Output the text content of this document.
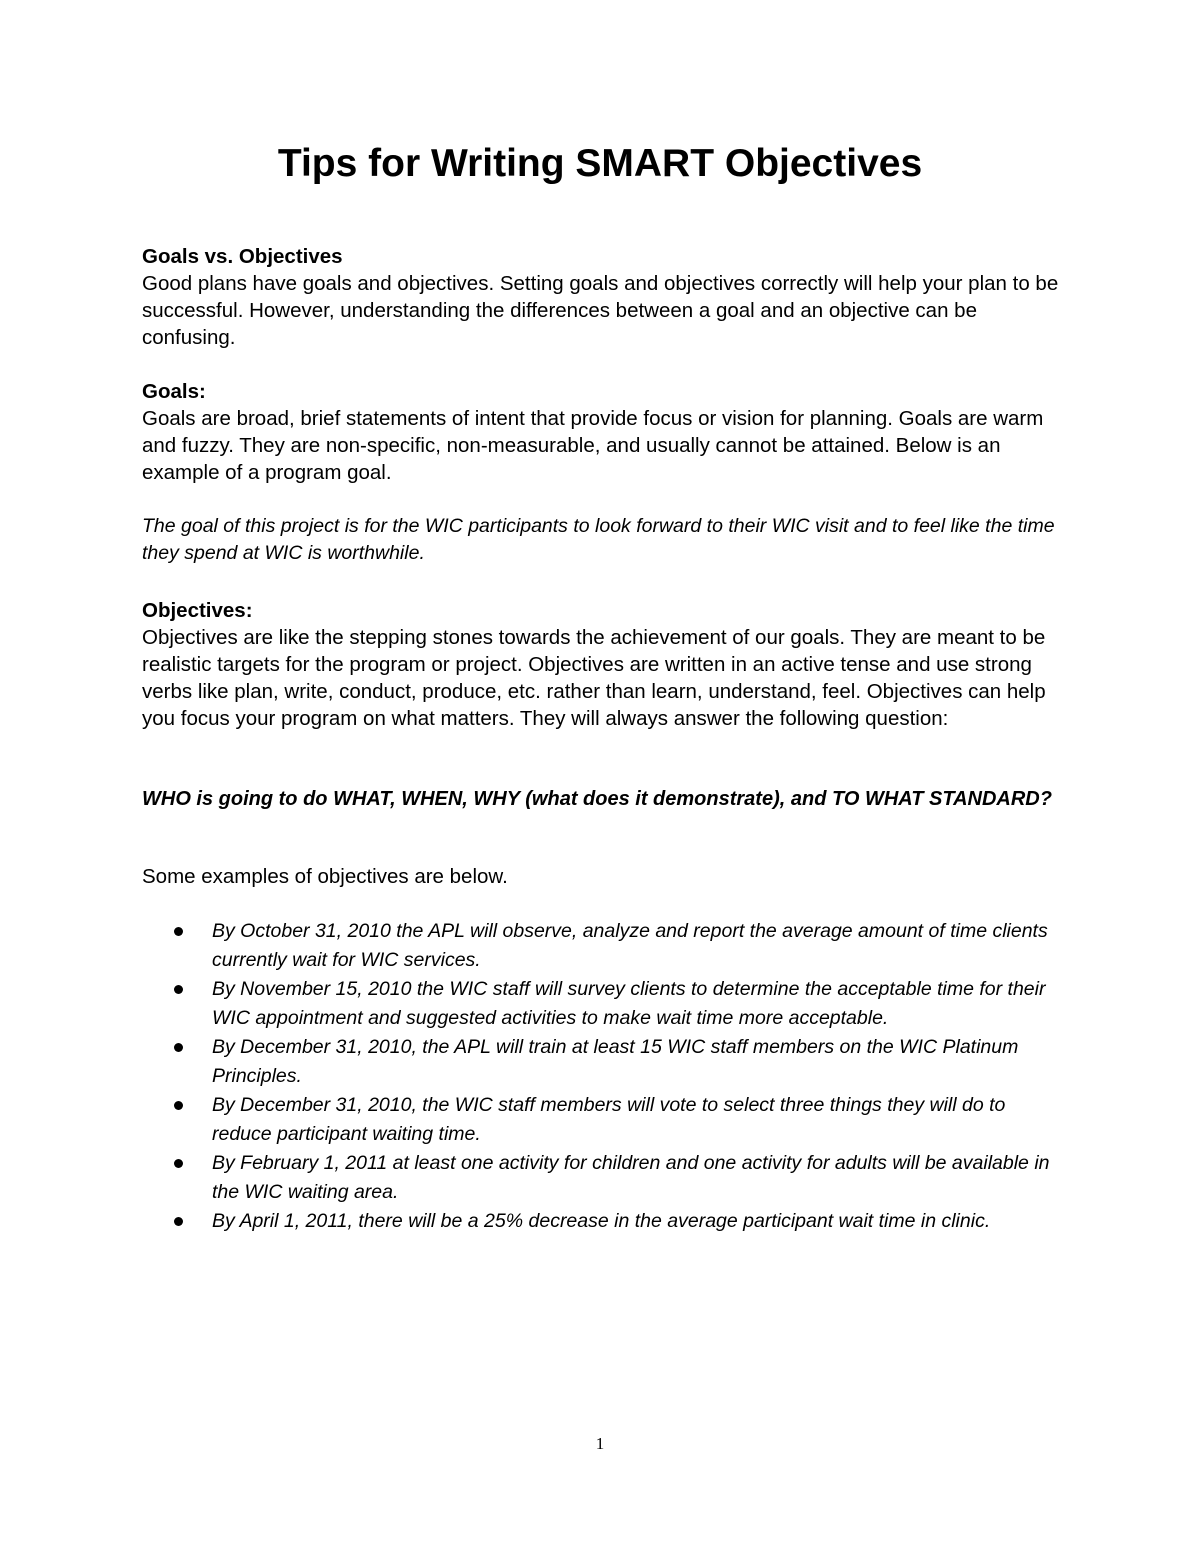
Tips for Writing SMART Objectives
Goals vs. Objectives
Good plans have goals and objectives. Setting goals and objectives correctly will help your plan to be successful. However, understanding the differences between a goal and an objective can be confusing.
Goals:
Goals are broad, brief statements of intent that provide focus or vision for planning. Goals are warm and fuzzy. They are non-specific, non-measurable, and usually cannot be attained. Below is an example of a program goal.

The goal of this project is for the WIC participants to look forward to their WIC visit and to feel like the time they spend at WIC is worthwhile.

Objectives:
Objectives are like the stepping stones towards the achievement of our goals. They are meant to be realistic targets for the program or project. Objectives are written in an active tense and use strong verbs like plan, write, conduct, produce, etc. rather than learn, understand, feel. Objectives can help you focus your program on what matters. They will always answer the following question:

WHO is going to do WHAT, WHEN, WHY (what does it demonstrate), and TO WHAT STANDARD?

Some examples of objectives are below.

By October 31, 2010 the APL will observe, analyze and report the average amount of time clients currently wait for WIC services.
By November 15, 2010 the WIC staff will survey clients to determine the acceptable time for their WIC appointment and suggested activities to make wait time more acceptable.
By December 31, 2010, the APL will train at least 15 WIC staff members on the WIC Platinum Principles.
By December 31, 2010, the WIC staff members will vote to select three things they will do to reduce participant waiting time.
By February 1, 2011 at least one activity for children and one activity for adults will be available in the WIC waiting area.
By April 1, 2011, there will be a 25% decrease in the average participant wait time in clinic.
1
